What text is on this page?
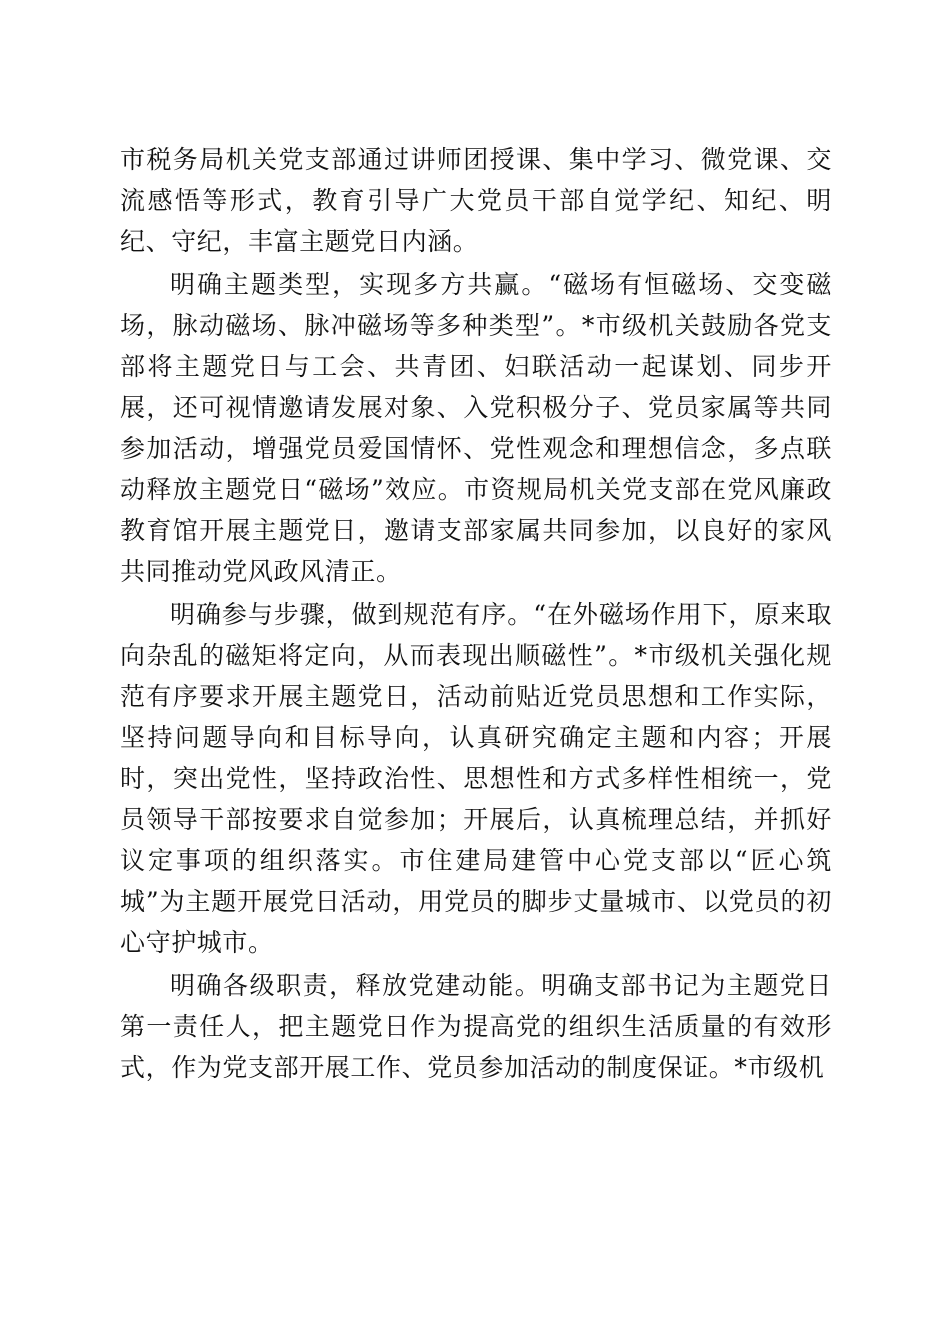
市税务局机关党支部通过讲师团授课、集中学习、微党课、交流感悟等形式，教育引导广大党员干部自觉学纪、知纪、明纪、守纪，丰富主题党日内涵。

明确主题类型，实现多方共赢。“磁场有恒磁场、交变磁场，脉动磁场、脉冲磁场等多种类型”。*市级机关鼓励各党支部将主题党日与工会、共青团、妇联活动一起谋划、同步开展，还可视情邀请发展对象、入党积极分子、党员家属等共同参加活动，增强党员爱国情怀、党性观念和理想信念，多点联动释放主题党日“磁场”效应。市资规局机关党支部在党风廉政教育馆开展主题党日，邀请支部家属共同参加，以良好的家风共同推动党风政风清正。

明确参与步骤，做到规范有序。“在外磁场作用下，原来取向杂乱的磁矩将定向，从而表现出顺磁性”。*市级机关强化规范有序要求开展主题党日，活动前贴近党员思想和工作实际，坚持问题导向和目标导向，认真研究确定主题和内容；开展时，突出党性，坚持政治性、思想性和方式多样性相统一，党员领导干部按要求自觉参加；开展后，认真梳理总结，并抓好议定事项的组织落实。市住建局建管中心党支部以“匠心筑城”为主题开展党日活动，用党员的脚步丈量城市、以党员的初心守护城市。

明确各级职责，释放党建动能。明确支部书记为主题党日第一责任人，把主题党日作为提高党的组织生活质量的有效形式，作为党支部开展工作、党员参加活动的制度保证。*市级机
